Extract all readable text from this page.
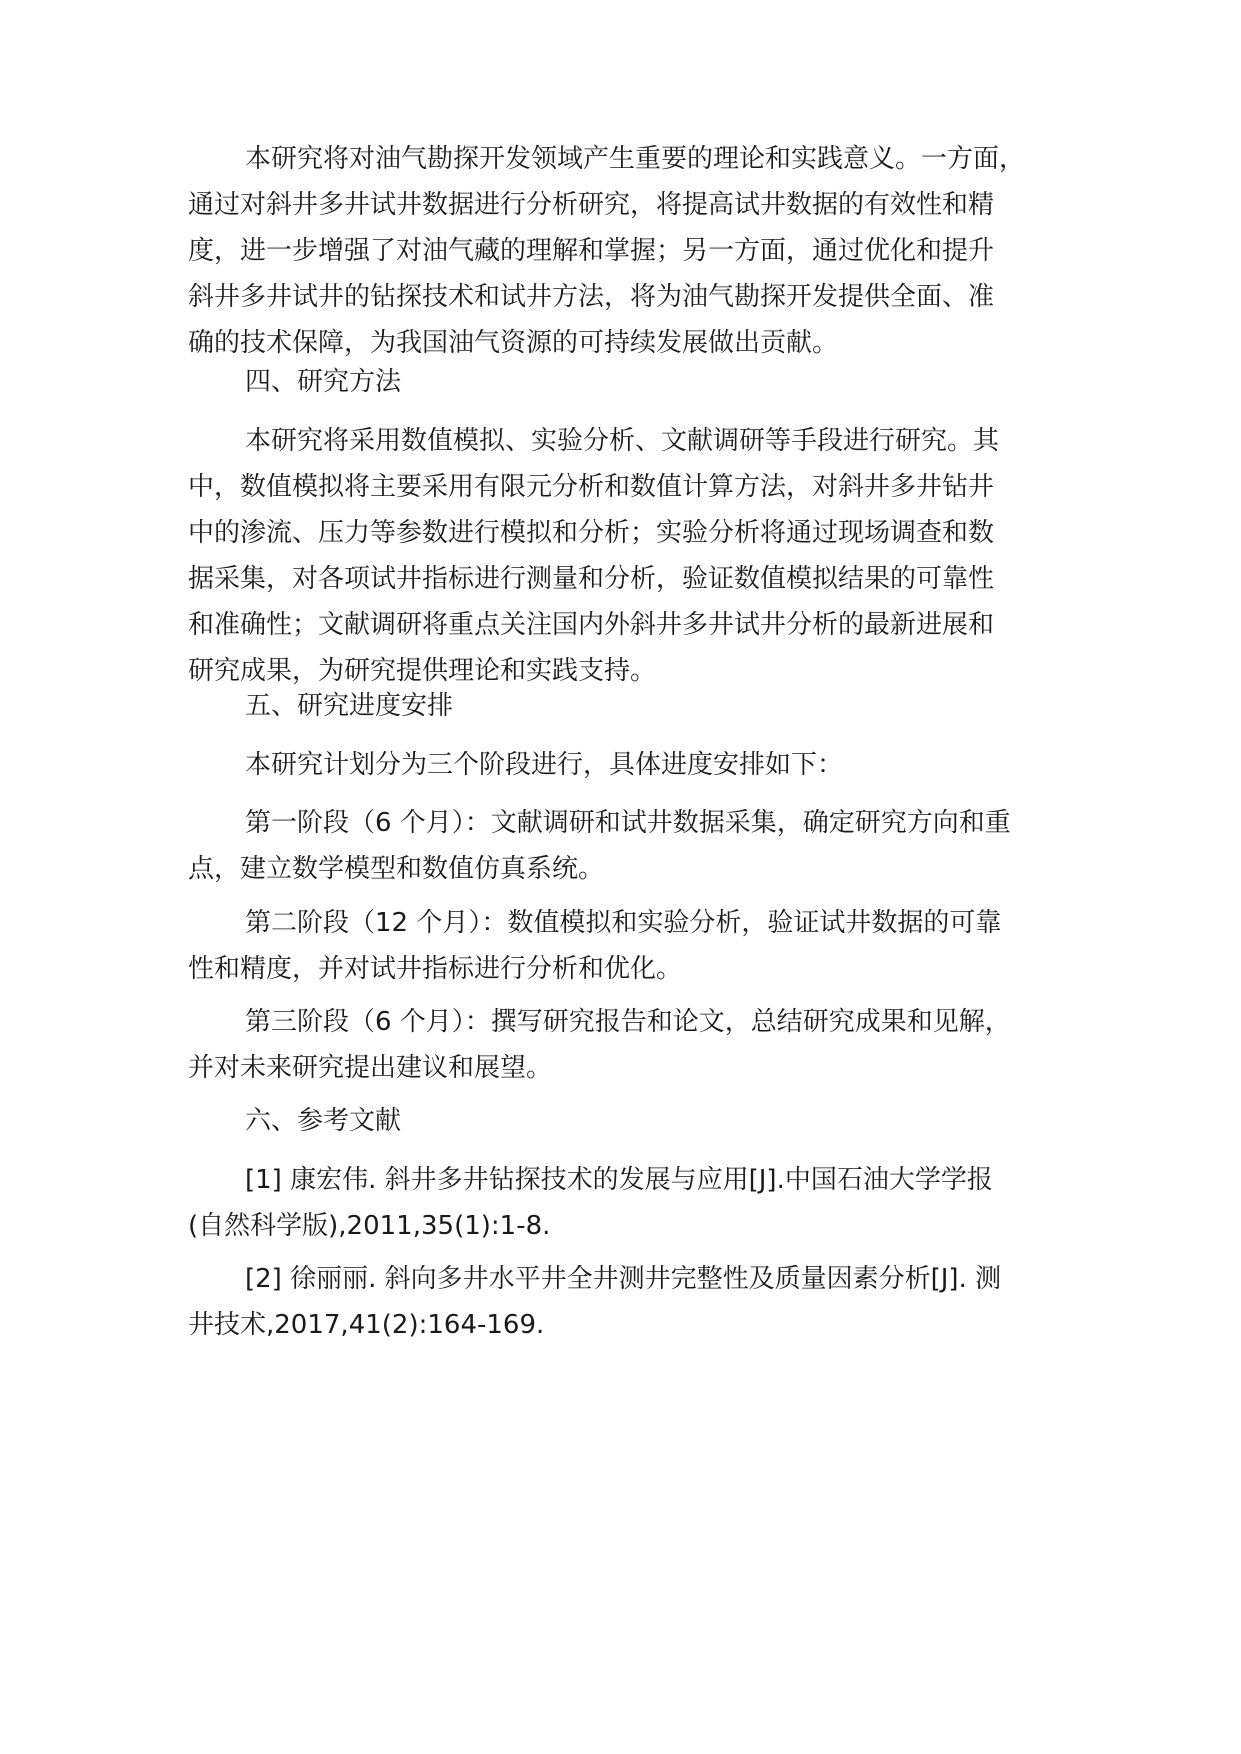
本研究将对油气勘探开发领域产生重要的理论和实践意义。一方面，
通过对斜井多井试井数据进行分析研究，将提高试井数据的有效性和精
度，进一步增强了对油气藏的理解和掌握；另一方面，通过优化和提升
斜井多井试井的钻探技术和试井方法，将为油气勘探开发提供全面、准
确的技术保障，为我国油气资源的可持续发展做出贡献。
四、研究方法
本研究将采用数值模拟、实验分析、文献调研等手段进行研究。其
中，数值模拟将主要采用有限元分析和数值计算方法，对斜井多井钻井
中的渗流、压力等参数进行模拟和分析；实验分析将通过现场调查和数
据采集，对各项试井指标进行测量和分析，验证数值模拟结果的可靠性
和准确性；文献调研将重点关注国内外斜井多井试井分析的最新进展和
研究成果，为研究提供理论和实践支持。
五、研究进度安排
本研究计划分为三个阶段进行，具体进度安排如下：
第一阶段（6 个月）：文献调研和试井数据采集，确定研究方向和重
点，建立数学模型和数值仿真系统。
第二阶段（12 个月）：数值模拟和实验分析，验证试井数据的可靠
性和精度，并对试井指标进行分析和优化。
第三阶段（6 个月）：撰写研究报告和论文，总结研究成果和见解，
并对未来研究提出建议和展望。
六、参考文献
[1] 康宏伟. 斜井多井钻探技术的发展与应用[J].中国石油大学学报
(自然科学版),2011,35(1):1-8.
[2] 徐丽丽. 斜向多井水平井全井测井完整性及质量因素分析[J]. 测
井技术,2017,41(2):164-169.
